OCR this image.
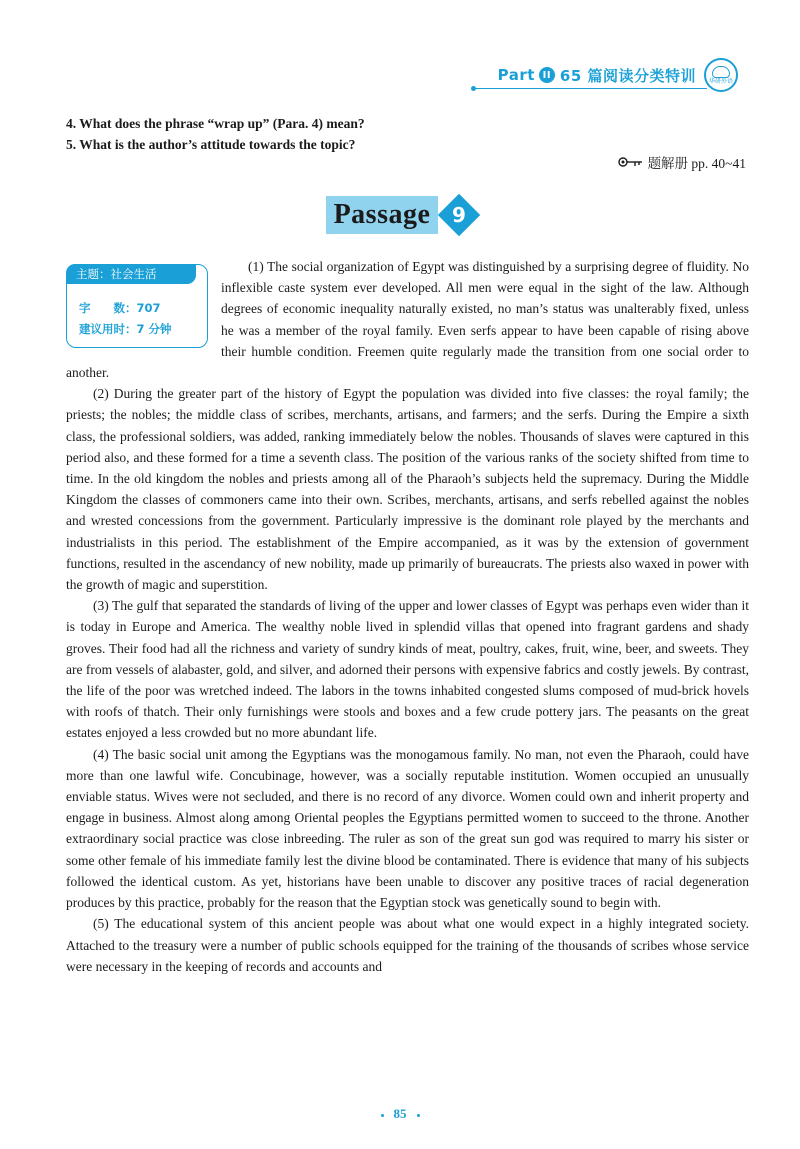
Part II 65 篇阅读分类特训 华研外语
4. What does the phrase “wrap up” (Para. 4) mean?
5. What is the author’s attitude towards the topic?
题解册 pp. 40~41
Passage	9
主题：社会生活
字　　数：707
建议用时：7 分钟

(1) The social organization of Egypt was distinguished by a surprising degree of fluidity. No inflexible caste system ever developed. All men were equal in the sight of the law. Although degrees of economic inequality naturally existed, no man’s status was unalterably fixed, unless he was a member of the royal family. Even serfs appear to have been capable of rising above their humble condition. Freemen quite regularly made the transition from one social order to another.

(2) During the greater part of the history of Egypt the population was divided into five classes: the royal family; the priests; the nobles; the middle class of scribes, merchants, artisans, and farmers; and the serfs. During the Empire a sixth class, the professional soldiers, was added, ranking immediately below the nobles. Thousands of slaves were captured in this period also, and these formed for a time a seventh class. The position of the various ranks of the society shifted from time to time. In the old kingdom the nobles and priests among all of the Pharaoh’s subjects held the supremacy. During the Middle Kingdom the classes of commoners came into their own. Scribes, merchants, artisans, and serfs rebelled against the nobles and wrested concessions from the government. Particularly impressive is the dominant role played by the merchants and industrialists in this period. The establishment of the Empire accompanied, as it was by the extension of government functions, resulted in the ascendancy of new nobility, made up primarily of bureaucrats. The priests also waxed in power with the growth of magic and superstition.

(3) The gulf that separated the standards of living of the upper and lower classes of Egypt was perhaps even wider than it is today in Europe and America. The wealthy noble lived in splendid villas that opened into fragrant gardens and shady groves. Their food had all the richness and variety of sundry kinds of meat, poultry, cakes, fruit, wine, beer, and sweets. They are from vessels of alabaster, gold, and silver, and adorned their persons with expensive fabrics and costly jewels. By contrast, the life of the poor was wretched indeed. The labors in the towns inhabited congested slums composed of mud-brick hovels with roofs of thatch. Their only furnishings were stools and boxes and a few crude pottery jars. The peasants on the great estates enjoyed a less crowded but no more abundant life.

(4) The basic social unit among the Egyptians was the monogamous family. No man, not even the Pharaoh, could have more than one lawful wife. Concubinage, however, was a socially reputable institution. Women occupied an unusually enviable status. Wives were not secluded, and there is no record of any divorce. Women could own and inherit property and engage in business. Almost along among Oriental peoples the Egyptians permitted women to succeed to the throne. Another extraordinary social practice was close inbreeding. The ruler as son of the great sun god was required to marry his sister or some other female of his immediate family lest the divine blood be contaminated. There is evidence that many of his subjects followed the identical custom. As yet, historians have been unable to discover any positive traces of racial degeneration produces by this practice, probably for the reason that the Egyptian stock was genetically sound to begin with.

(5) The educational system of this ancient people was about what one would expect in a highly integrated society. Attached to the treasury were a number of public schools equipped for the training of the thousands of scribes whose service were necessary in the keeping of records and accounts and

85
